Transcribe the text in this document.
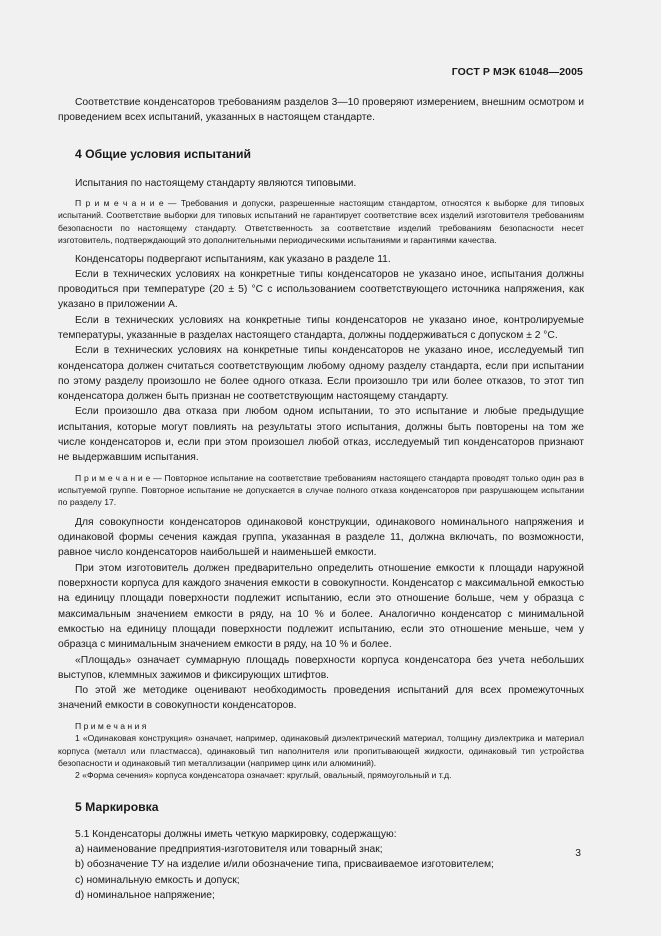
ГОСТ Р МЭК 61048—2005

Соответствие конденсаторов требованиям разделов 3—10 проверяют измерением, внешним осмотром и проведением всех испытаний, указанных в настоящем стандарте.

4 Общие условия испытаний

Испытания по настоящему стандарту являются типовыми.

П р и м е ч а н и е — Требования и допуски, разрешенные настоящим стандартом, относятся к выборке для типовых испытаний. Соответствие выборки для типовых испытаний не гарантирует соответствие всех изделий изготовителя требованиям безопасности по настоящему стандарту. Ответственность за соответствие изделий требованиям безопасности несет изготовитель, подтверждающий это дополнительными периодическими испытаниями и гарантиями качества.

Конденсаторы подвергают испытаниям, как указано в разделе 11.

Если в технических условиях на конкретные типы конденсаторов не указано иное, испытания должны проводиться при температуре (20 ± 5) °С с использованием соответствующего источника напряжения, как указано в приложении А.

Если в технических условиях на конкретные типы конденсаторов не указано иное, контролируемые температуры, указанные в разделах настоящего стандарта, должны поддерживаться с допуском ± 2 °С.

Если в технических условиях на конкретные типы конденсаторов не указано иное, исследуемый тип конденсатора должен считаться соответствующим любому одному разделу стандарта, если при испытании по этому разделу произошло не более одного отказа. Если произошло три или более отказов, то этот тип конденсатора должен быть признан не соответствующим настоящему стандарту.

Если произошло два отказа при любом одном испытании, то это испытание и любые предыдущие испытания, которые могут повлиять на результаты этого испытания, должны быть повторены на том же числе конденсаторов и, если при этом произошел любой отказ, исследуемый тип конденсаторов признают не выдержавшим испытания.

П р и м е ч а н и е — Повторное испытание на соответствие требованиям настоящего стандарта проводят только один раз в испытуемой группе. Повторное испытание не допускается в случае полного отказа конденсаторов при разрушающем испытании по разделу 17.

Для совокупности конденсаторов одинаковой конструкции, одинакового номинального напряжения и одинаковой формы сечения каждая группа, указанная в разделе 11, должна включать, по возможности, равное число конденсаторов наибольшей и наименьшей емкости.

При этом изготовитель должен предварительно определить отношение емкости к площади наружной поверхности корпуса для каждого значения емкости в совокупности. Конденсатор с максимальной емкостью на единицу площади поверхности подлежит испытанию, если это отношение больше, чем у образца с максимальным значением емкости в ряду, на 10 % и более. Аналогично конденсатор с минимальной емкостью на единицу площади поверхности подлежит испытанию, если это отношение меньше, чем у образца с минимальным значением емкости в ряду, на 10 % и более.

«Площадь» означает суммарную площадь поверхности корпуса конденсатора без учета небольших выступов, клеммных зажимов и фиксирующих штифтов.

По этой же методике оценивают необходимость проведения испытаний для всех промежуточных значений емкости в совокупности конденсаторов.

П р и м е ч а н и я

1 «Одинаковая конструкция» означает, например, одинаковый диэлектрический материал, толщину диэлектрика и материал корпуса (металл или пластмасса), одинаковый тип наполнителя или пропитывающей жидкости, одинаковый тип устройства безопасности и одинаковый тип металлизации (например цинк или алюминий).

2 «Форма сечения» корпуса конденсатора означает: круглый, овальный, прямоугольный и т.д.

5 Маркировка

5.1 Конденсаторы должны иметь четкую маркировку, содержащую:

a) наименование предприятия-изготовителя или товарный знак;

b) обозначение ТУ на изделие и/или обозначение типа, присваиваемое изготовителем;

c) номинальную емкость и допуск;

d) номинальное напряжение;

3
